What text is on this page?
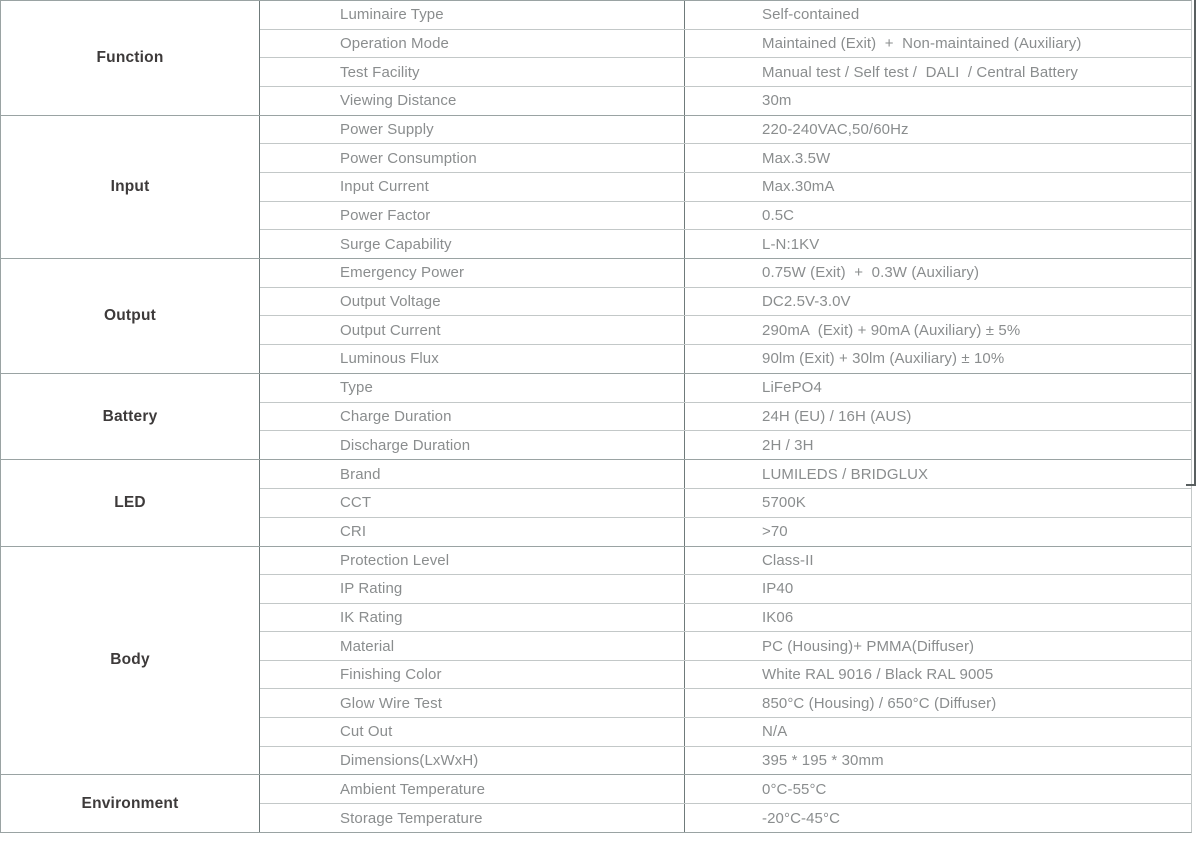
Function
Luminaire Type	Self-contained
Operation Mode	Maintained (Exit)  +  Non-maintained (Auxiliary)
Test Facility	Manual test / Self test /  DALI  / Central Battery
Viewing Distance	30m
Input
Power Supply	220-240VAC,50/60Hz
Power Consumption	Max.3.5W
Input Current	Max.30mA
Power Factor	0.5C
Surge Capability	L-N:1KV
Output
Emergency Power	0.75W (Exit)  +  0.3W (Auxiliary)
Output Voltage	DC2.5V-3.0V
Output Current	290mA  (Exit) + 90mA (Auxiliary) ± 5%
Luminous Flux	90lm (Exit) + 30lm (Auxiliary) ± 10%
Battery
Type	LiFePO4
Charge Duration	24H (EU) / 16H (AUS)
Discharge Duration	2H / 3H
LED
Brand	LUMILEDS / BRIDGLUX
CCT	5700K
CRI	>70
Body
Protection Level	Class-II
IP Rating	IP40
IK Rating	IK06
Material	PC (Housing)+ PMMA(Diffuser)
Finishing Color	White RAL 9016 / Black RAL 9005
Glow Wire Test	850°C (Housing) / 650°C (Diffuser)
Cut Out	N/A
Dimensions(LxWxH)	395 * 195 * 30mm
Environment
Ambient Temperature	0°C-55°C
Storage Temperature	-20°C-45°C
